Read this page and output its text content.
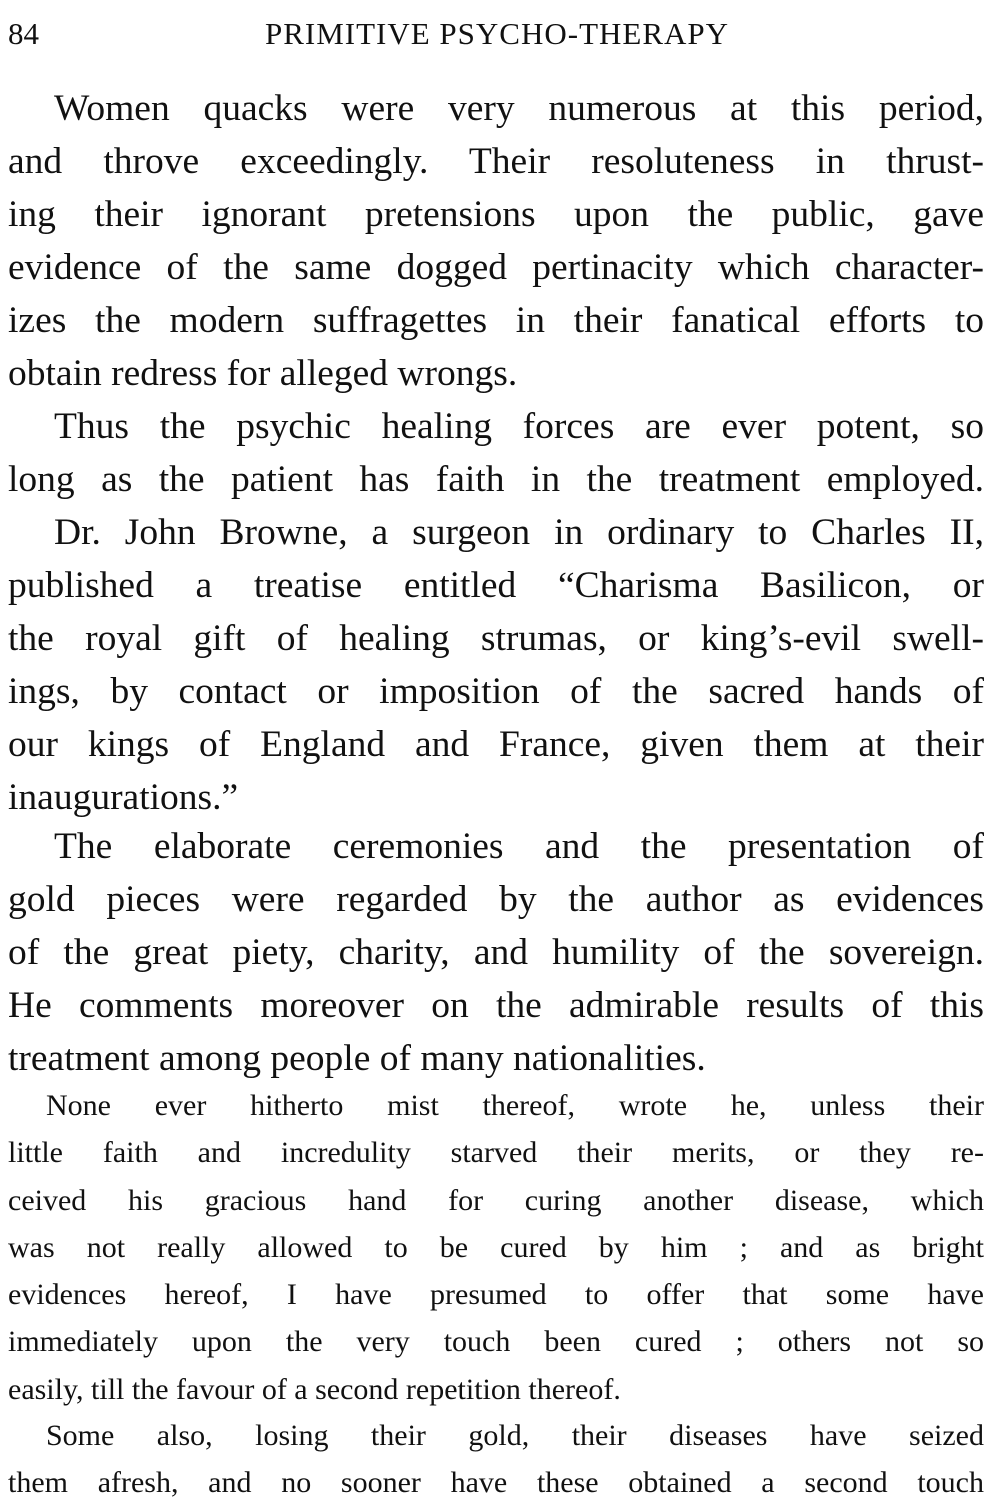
84	PRIMITIVE PSYCHO-THERAPY
Women quacks were very numerous at this period,
and throve exceedingly. Their resoluteness in thrust-
ing their ignorant pretensions upon the public, gave
evidence of the same dogged pertinacity which character-
izes the modern suffragettes in their fanatical efforts to
obtain redress for alleged wrongs.
Thus the psychic healing forces are ever potent, so
long as the patient has faith in the treatment employed.
Dr. John Browne, a surgeon in ordinary to Charles II,
published a treatise entitled “Charisma Basilicon, or
the royal gift of healing strumas, or king’s-evil swell-
ings, by contact or imposition of the sacred hands of
our kings of England and France, given them at their
inaugurations.”
The elaborate ceremonies and the presentation of
gold pieces were regarded by the author as evidences
of the great piety, charity, and humility of the sovereign.
He comments moreover on the admirable results of this
treatment among people of many nationalities.
None ever hitherto mist thereof, wrote he, unless their
little faith and incredulity starved their merits, or they re-
ceived his gracious hand for curing another disease, which
was not really allowed to be cured by him ; and as bright
evidences hereof, I have presumed to offer that some have
immediately upon the very touch been cured ; others not so
easily, till the favour of a second repetition thereof.
Some also, losing their gold, their diseases have seized
them afresh, and no sooner have these obtained a second touch
